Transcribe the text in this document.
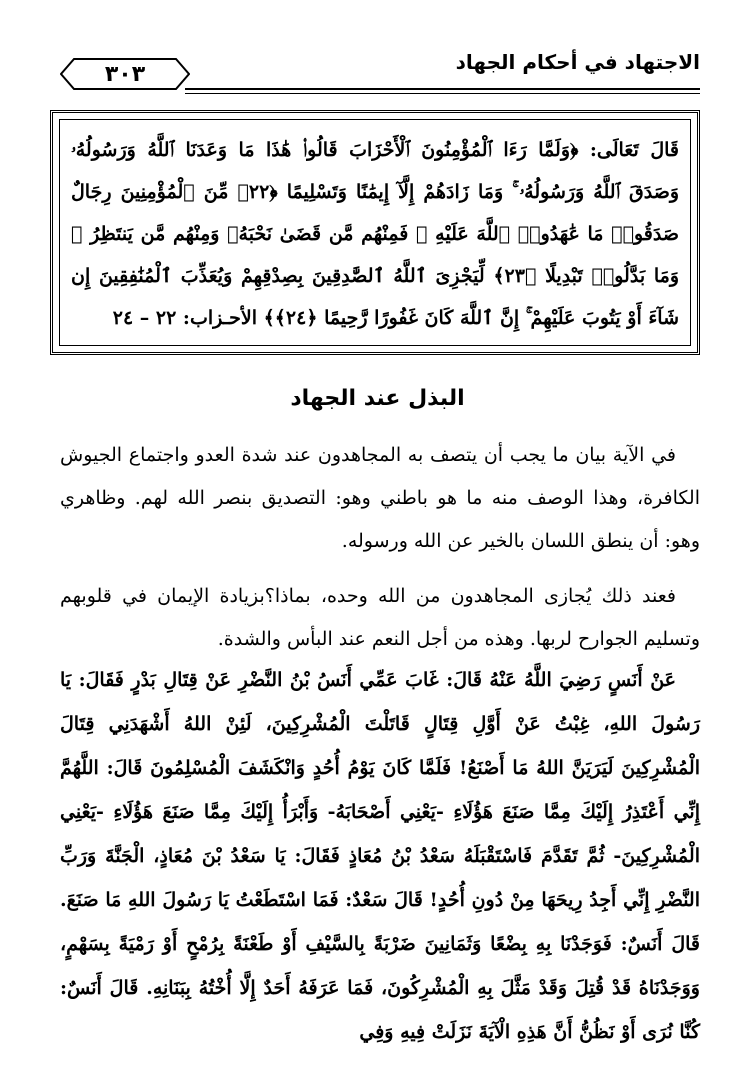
٣٠٣	الاجتهاد في أحكام الجهاد
قَالَ تَعَالَى: ﴿وَلَمَّا رَءَا ٱلْمُؤْمِنُونَ ٱلْأَحْزَابَ قَالُوا۟ هَٰذَا مَا وَعَدَنَا ٱللَّهُ وَرَسُولُهُۥ وَصَدَقَ ٱللَّهُ وَرَسُولُهُۥ ۚ وَمَا زَادَهُمْ إِلَّآ إِيمَٰنًا وَتَسْلِيمًا ﴿٢٢﴾ مِّنَ ٱلْمُؤْمِنِينَ رِجَالٌ صَدَقُوا۟ مَا عَٰهَدُوا۟ ٱللَّهَ عَلَيْهِ ۖ فَمِنْهُم مَّن قَضَىٰ نَحْبَهُۥ وَمِنْهُم مَّن يَنتَظِرُ ۖ وَمَا بَدَّلُوا۟ تَبْدِيلًا ﴿٢٣﴾ لِّيَجْزِىَ ٱللَّهُ ٱلصَّٰدِقِينَ بِصِدْقِهِمْ وَيُعَذِّبَ ٱلْمُنَٰفِقِينَ إِن شَآءَ أَوْ يَتُوبَ عَلَيْهِمْ ۚ إِنَّ ٱللَّهَ كَانَ غَفُورًا رَّحِيمًا ﴿٢٤﴾﴾ الأحـزاب: ٢٢ – ٢٤
البذل عند الجهاد
في الآية بيان ما يجب أن يتصف به المجاهدون عند شدة العدو واجتماع الجيوش الكافرة، وهذا الوصف منه ما هو باطني وهو: التصديق بنصر الله لهم. وظاهري وهو: أن ينطق اللسان بالخير عن الله ورسوله.
فعند ذلك يُجازى المجاهدون من الله وحده، بماذا؟بزيادة الإيمان في قلوبهم وتسليم الجوارح لربها. وهذه من أجل النعم عند البأس والشدة.
عَنْ أَنَسٍ رَضِيَ اللَّهُ عَنْهُ قَالَ: غَابَ عَمِّي أَنَسُ بْنُ النَّضْرِ عَنْ قِتَالِ بَدْرٍ فَقَالَ: يَا رَسُولَ اللهِ، غِبْتُ عَنْ أَوَّلِ قِتَالٍ قَاتَلْتَ الْمُشْرِكِينَ، لَئِنْ اللهُ أَشْهَدَنِي قِتَالَ الْمُشْرِكِينَ لَيَرَيَنَّ اللهُ مَا أَصْنَعُ! فَلَمَّا كَانَ يَوْمُ أُحُدٍ وَانْكَشَفَ الْمُسْلِمُونَ قَالَ: اللَّهُمَّ إِنِّي أَعْتَذِرُ إِلَيْكَ مِمَّا صَنَعَ هَؤُلَاءِ -يَعْنِي أَصْحَابَهُ- وَأَبْرَأُ إِلَيْكَ مِمَّا صَنَعَ هَؤُلَاءِ -يَعْنِي الْمُشْرِكِينَ- ثُمَّ تَقَدَّمَ فَاسْتَقْبَلَهُ سَعْدُ بْنُ مُعَاذٍ فَقَالَ: يَا سَعْدُ بْنَ مُعَاذٍ، الْجَنَّةَ وَرَبِّ النَّضْرِ إِنِّي أَجِدُ رِيحَهَا مِنْ دُونِ أُحُدٍ! قَالَ سَعْدٌ: فَمَا اسْتَطَعْتُ يَا رَسُولَ اللهِ مَا صَنَعَ. قَالَ أَنَسٌ: فَوَجَدْنَا بِهِ بِضْعًا وَثَمَانِينَ ضَرْبَةً بِالسَّيْفِ أَوْ طَعْنَةً بِرُمْحٍ أَوْ رَمْيَةً بِسَهْمٍ، وَوَجَدْنَاهُ قَدْ قُتِلَ وَقَدْ مَثَّلَ بِهِ الْمُشْرِكُونَ، فَمَا عَرَفَهُ أَحَدٌ إِلَّا أُخْتُهُ بِبَنَانِهِ. قَالَ أَنَسٌ: كُنَّا نُرَى أَوْ نَظُنُّ أَنَّ هَذِهِ الْآيَةَ نَزَلَتْ فِيهِ وَفِي
